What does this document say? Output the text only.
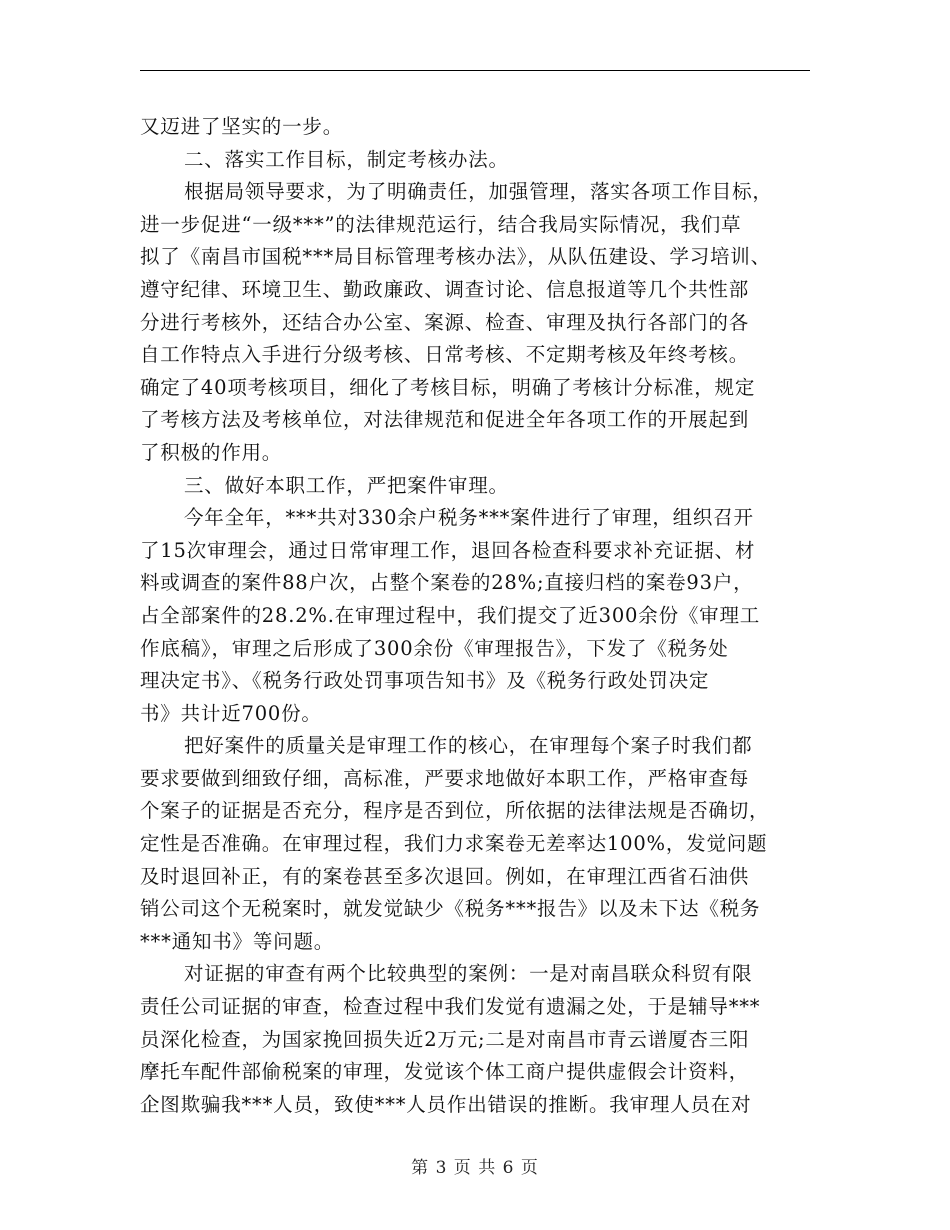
又迈进了坚实的一步。
二、落实工作目标，制定考核办法。
根据局领导要求，为了明确责任，加强管理，落实各项工作目标，
进一步促进“一级***”的法律规范运行，结合我局实际情况，我们草
拟了《南昌市国税***局目标管理考核办法》，从队伍建设、学习培训、
遵守纪律、环境卫生、勤政廉政、调查讨论、信息报道等几个共性部
分进行考核外，还结合办公室、案源、检查、审理及执行各部门的各
自工作特点入手进行分级考核、日常考核、不定期考核及年终考核。
确定了40项考核项目，细化了考核目标，明确了考核计分标准，规定
了考核方法及考核单位，对法律规范和促进全年各项工作的开展起到
了积极的作用。
三、做好本职工作，严把案件审理。
今年全年，***共对330余户税务***案件进行了审理，组织召开
了15次审理会，通过日常审理工作，退回各检查科要求补充证据、材
料或调查的案件88户次，占整个案卷的28%;直接归档的案卷93户，
占全部案件的28.2%.在审理过程中，我们提交了近300余份《审理工
作底稿》，审理之后形成了300余份《审理报告》，下发了《税务处
理决定书》、《税务行政处罚事项告知书》及《税务行政处罚决定
书》共计近700份。
把好案件的质量关是审理工作的核心，在审理每个案子时我们都
要求要做到细致仔细，高标准，严要求地做好本职工作，严格审查每
个案子的证据是否充分，程序是否到位，所依据的法律法规是否确切，
定性是否准确。在审理过程，我们力求案卷无差率达100%，发觉问题
及时退回补正，有的案卷甚至多次退回。例如，在审理江西省石油供
销公司这个无税案时，就发觉缺少《税务***报告》以及未下达《税务
***通知书》等问题。
对证据的审查有两个比较典型的案例：一是对南昌联众科贸有限
责任公司证据的审查，检查过程中我们发觉有遗漏之处，于是辅导***
员深化检查，为国家挽回损失近2万元;二是对南昌市青云谱厦杏三阳
摩托车配件部偷税案的审理，发觉该个体工商户提供虚假会计资料，
企图欺骗我***人员，致使***人员作出错误的推断。我审理人员在对
第 3 页 共 6 页
